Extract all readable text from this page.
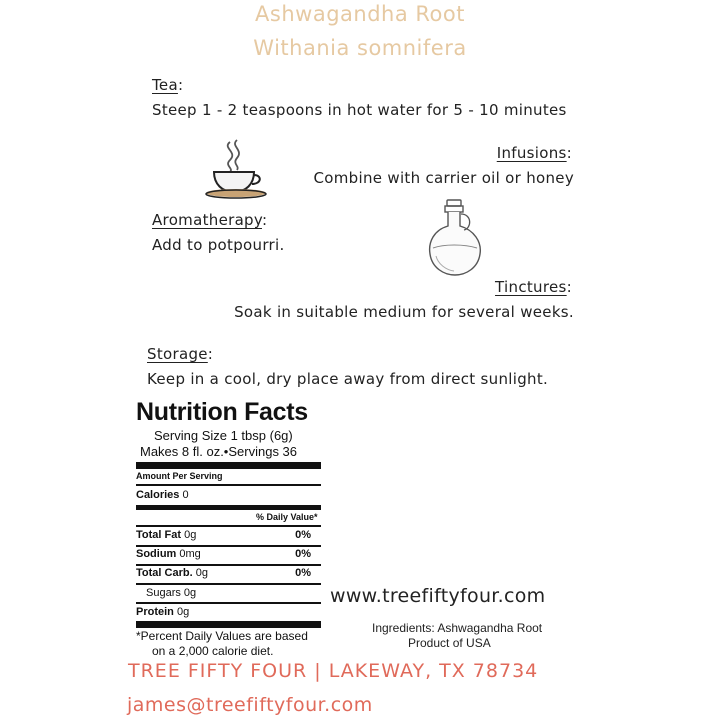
Ashwagandha Root
Withania somnifera
Tea:
Steep 1 - 2 teaspoons in hot water for 5 - 10 minutes
Infusions:
Combine with carrier oil or honey
Aromatherapy:
Add to potpourri.
Tinctures:
Soak in suitable medium for several weeks.
Storage:
Keep in a cool, dry place away from direct sunlight.
Nutrition Facts
Serving Size 1 tbsp (6g)
Makes 8 fl. oz.•Servings 36
Amount Per Serving
Calories 0
% Daily Value*
Total Fat 0g	0%
Sodium 0mg	0%
Total Carb. 0g	0%
Sugars 0g
Protein 0g
*Percent Daily Values are based
on a 2,000 calorie diet.
www.treefiftyfour.com
Ingredients: Ashwagandha Root
Product of USA
TREE FIFTY FOUR | LAKEWAY, TX 78734
james@treefiftyfour.com
